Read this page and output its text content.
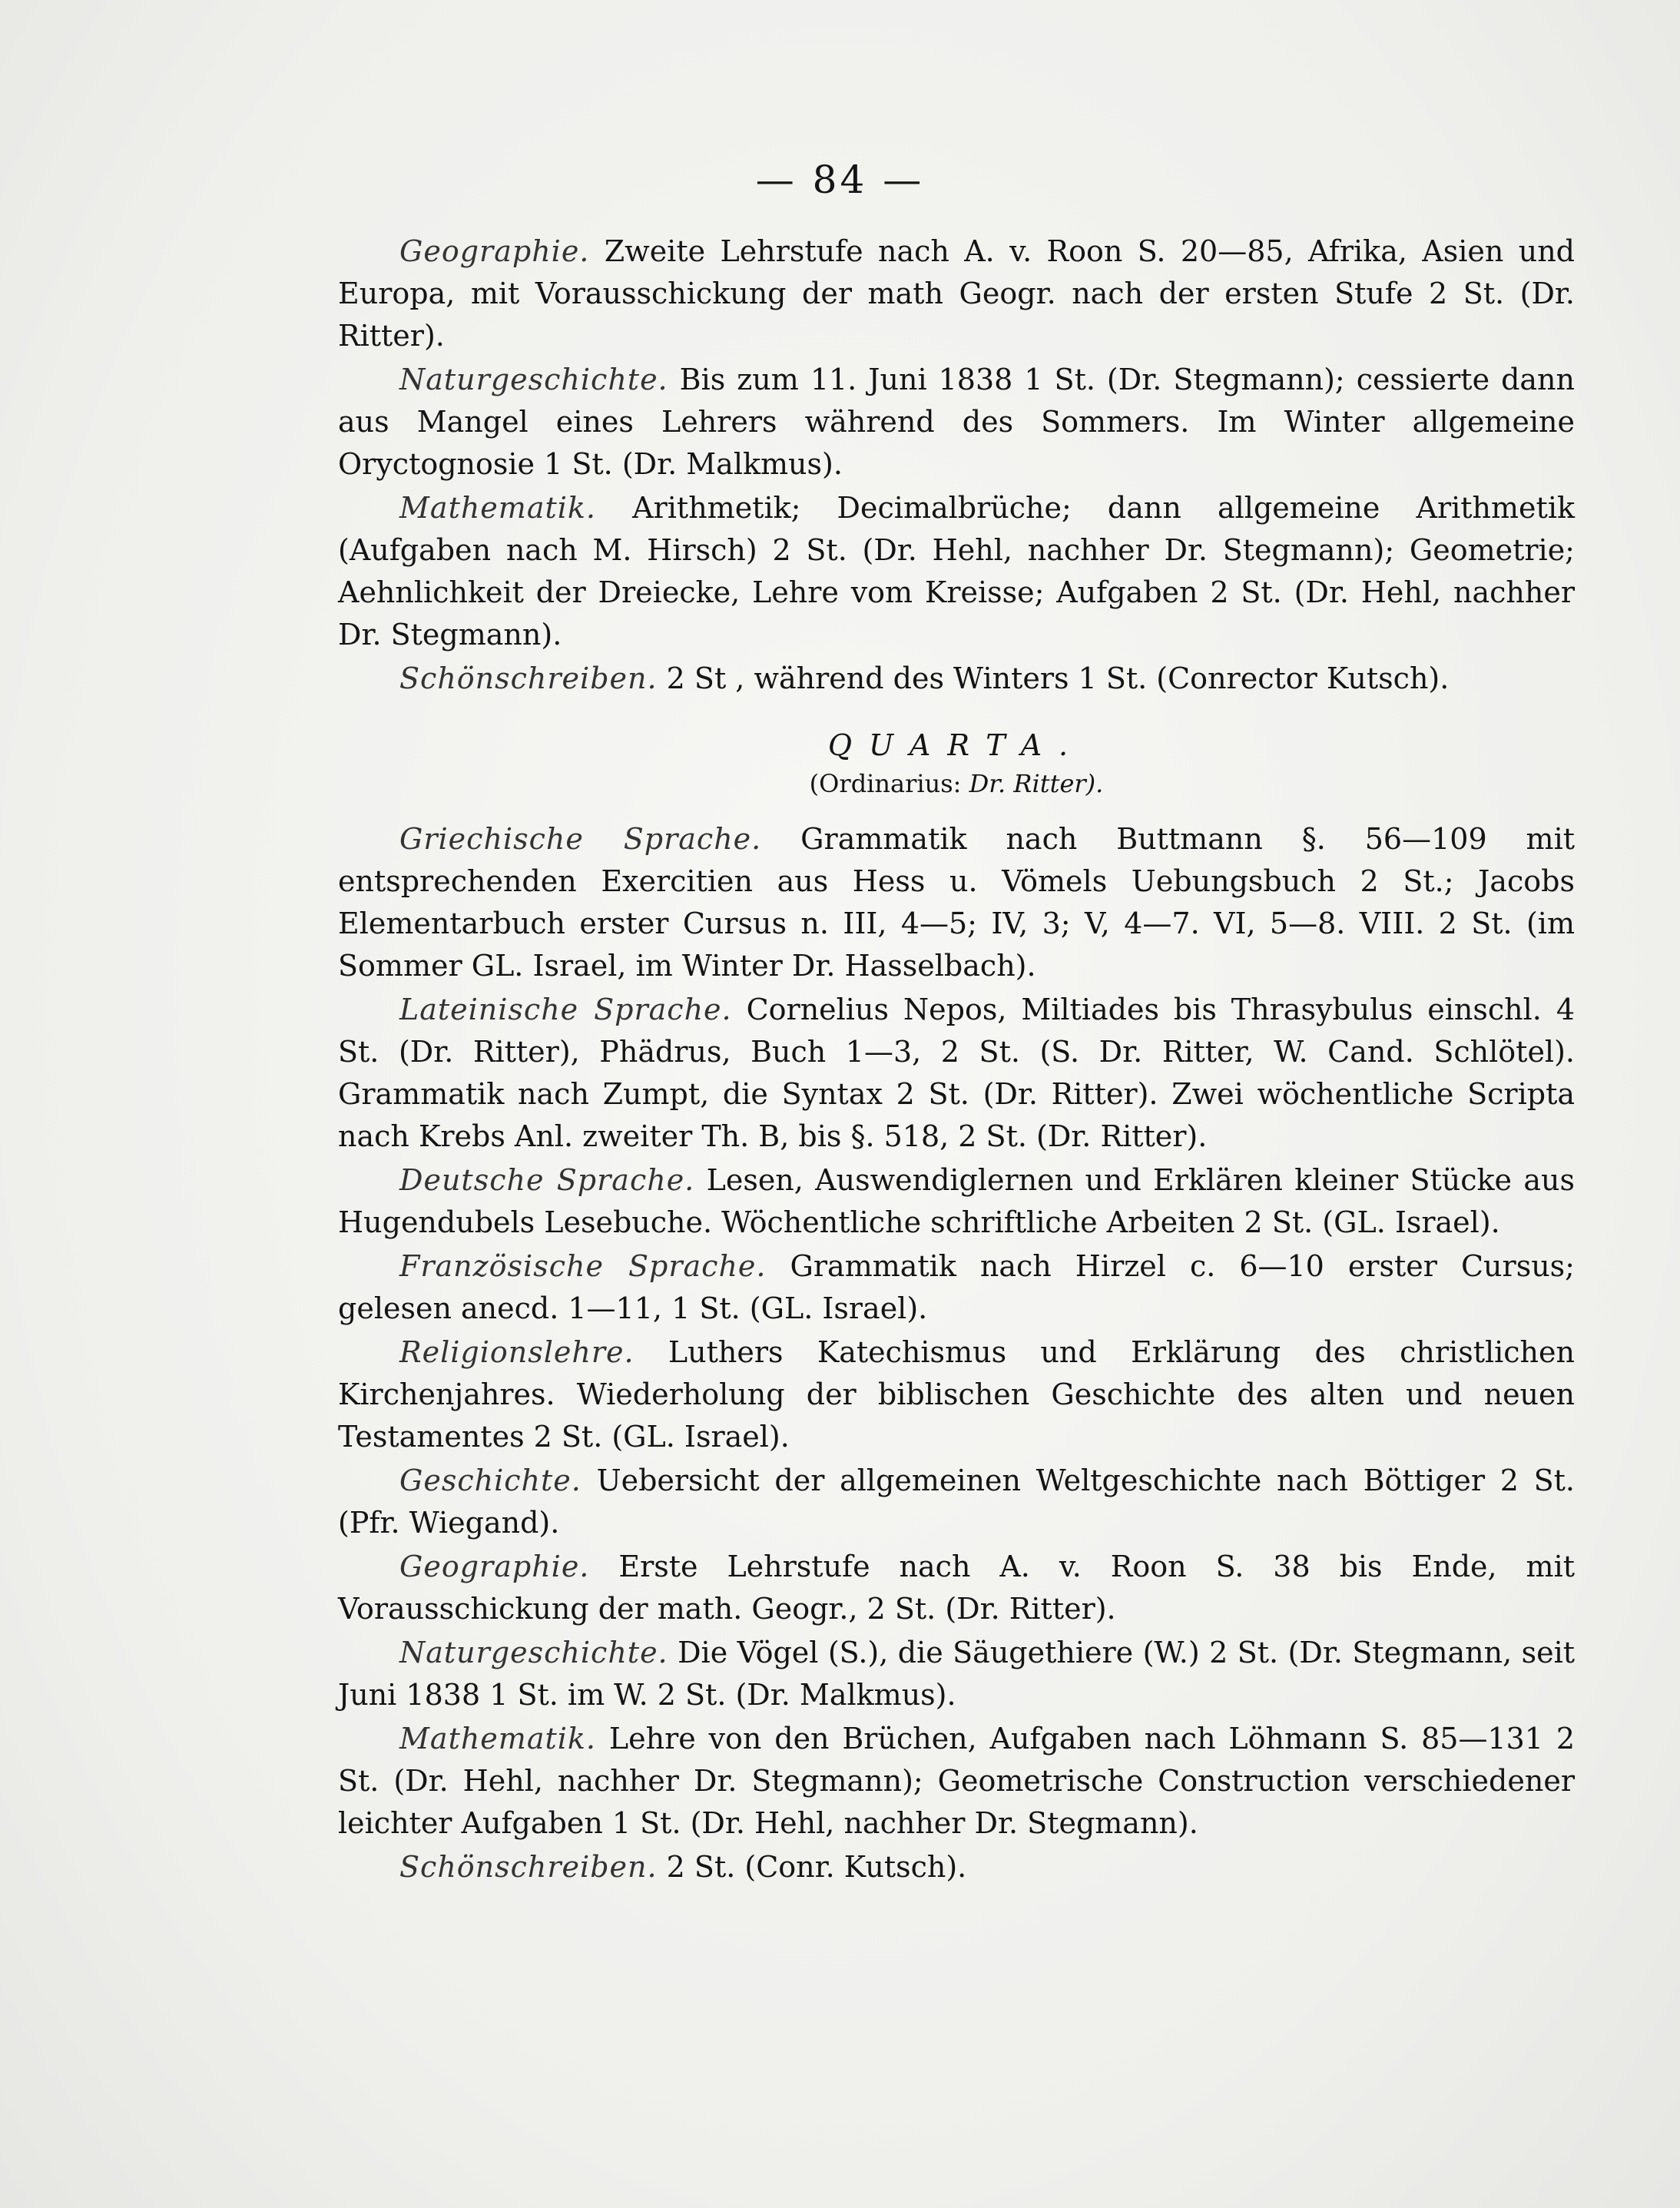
— 84 —

Geographie. Zweite Lehrstufe nach A. v. Roon S. 20—85, Afrika, Asien und Europa, mit Vorausschickung der math Geogr. nach der ersten Stufe 2 St. (Dr. Ritter).

Naturgeschichte. Bis zum 11. Juni 1838 1 St. (Dr. Stegmann); cessierte dann aus Mangel eines Lehrers während des Sommers. Im Winter allgemeine Oryctognosie 1 St. (Dr. Malkmus).

Mathematik. Arithmetik; Decimalbrüche; dann allgemeine Arithmetik (Aufgaben nach M. Hirsch) 2 St. (Dr. Hehl, nachher Dr. Stegmann); Geometrie; Aehnlichkeit der Dreiecke, Lehre vom Kreisse; Aufgaben 2 St. (Dr. Hehl, nachher Dr. Stegmann).

Schönschreiben. 2 St , während des Winters 1 St. (Conrector Kutsch).

QUARTA.
(Ordinarius: Dr. Ritter).

Griechische Sprache. Grammatik nach Buttmann §. 56—109 mit entsprechenden Exercitien aus Hess u. Vömels Uebungsbuch 2 St.; Jacobs Elementarbuch erster Cursus n. III, 4—5; IV, 3; V, 4—7. VI, 5—8. VIII. 2 St. (im Sommer GL. Israel, im Winter Dr. Hasselbach).

Lateinische Sprache. Cornelius Nepos, Miltiades bis Thrasybulus einschl. 4 St. (Dr. Ritter), Phädrus, Buch 1—3, 2 St. (S. Dr. Ritter, W. Cand. Schlötel). Grammatik nach Zumpt, die Syntax 2 St. (Dr. Ritter). Zwei wöchentliche Scripta nach Krebs Anl. zweiter Th. B, bis §. 518, 2 St. (Dr. Ritter).

Deutsche Sprache. Lesen, Auswendiglernen und Erklären kleiner Stücke aus Hugendubels Lesebuche. Wöchentliche schriftliche Arbeiten 2 St. (GL. Israel).

Französische Sprache. Grammatik nach Hirzel c. 6—10 erster Cursus; gelesen anecd. 1—11, 1 St. (GL. Israel).

Religionslehre. Luthers Katechismus und Erklärung des christlichen Kirchenjahres. Wiederholung der biblischen Geschichte des alten und neuen Testamentes 2 St. (GL. Israel).

Geschichte. Uebersicht der allgemeinen Weltgeschichte nach Böttiger 2 St. (Pfr. Wiegand).

Geographie. Erste Lehrstufe nach A. v. Roon S. 38 bis Ende, mit Vorausschickung der math. Geogr., 2 St. (Dr. Ritter).

Naturgeschichte. Die Vögel (S.), die Säugethiere (W.) 2 St. (Dr. Stegmann, seit Juni 1838 1 St. im W. 2 St. (Dr. Malkmus).

Mathematik. Lehre von den Brüchen, Aufgaben nach Löhmann S. 85—131 2 St. (Dr. Hehl, nachher Dr. Stegmann); Geometrische Construction verschiedener leichter Aufgaben 1 St. (Dr. Hehl, nachher Dr. Stegmann).

Schönschreiben. 2 St. (Conr. Kutsch).
